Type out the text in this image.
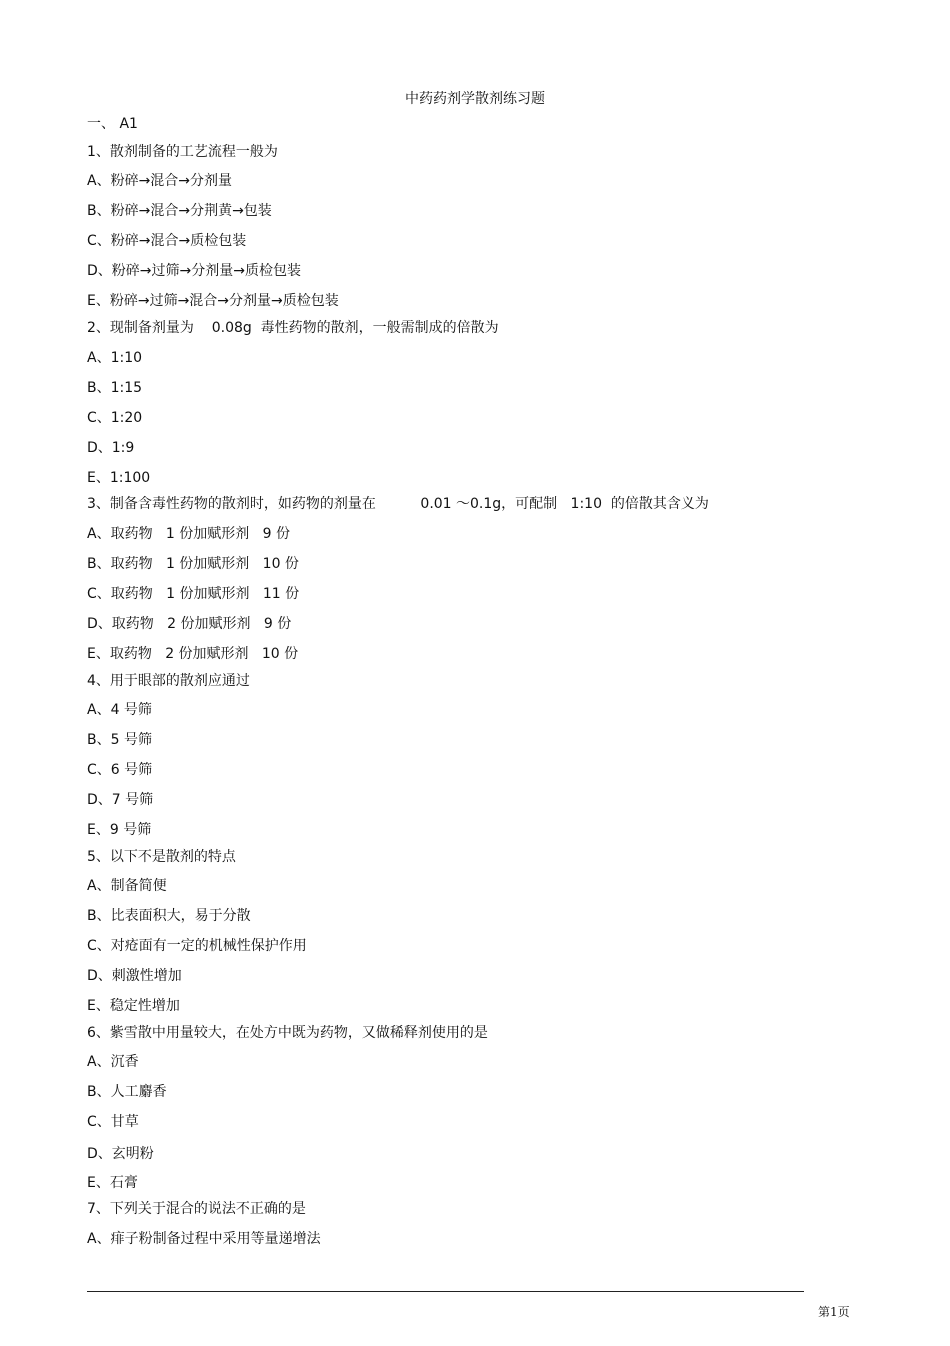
中药药剂学散剂练习题
一、 A1
1、散剂制备的工艺流程一般为
A、粉碎→混合→分剂量
B、粉碎→混合→分荆黄→包装
C、粉碎→混合→质检包装
D、粉碎→过筛→分剂量→质检包装
E、粉碎→过筛→混合→分剂量→质检包装
2、现制备剂量为    0.08g  毒性药物的散剂，一般需制成的倍散为
A、1:10
B、1:15
C、1:20
D、1:9
E、1:100
3、制备含毒性药物的散剂时，如药物的剂量在          0.01 ～0.1g，可配制   1:10  的倍散其含义为
A、取药物   1 份加赋形剂   9 份
B、取药物   1 份加赋形剂   10 份
C、取药物   1 份加赋形剂   11 份
D、取药物   2 份加赋形剂   9 份
E、取药物   2 份加赋形剂   10 份
4、用于眼部的散剂应通过
A、4 号筛
B、5 号筛
C、6 号筛
D、7 号筛
E、9 号筛
5、以下不是散剂的特点
A、制备简便
B、比表面积大，易于分散
C、对疮面有一定的机械性保护作用
D、刺激性增加
E、稳定性增加
6、紫雪散中用量较大，在处方中既为药物，又做稀释剂使用的是
A、沉香
B、人工麝香
C、甘草
D、玄明粉
E、石膏
7、下列关于混合的说法不正确的是
A、痱子粉制备过程中采用等量递增法
第1页
